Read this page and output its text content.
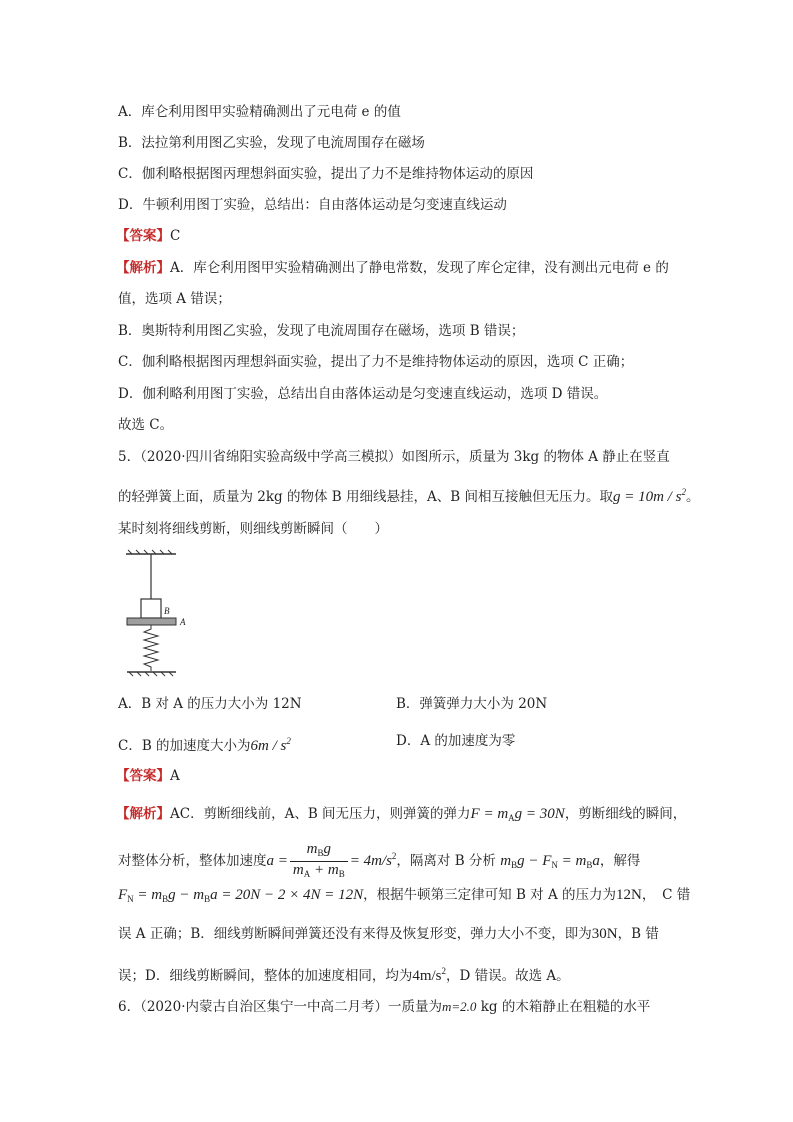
A．库仑利用图甲实验精确测出了元电荷 e 的值
B．法拉第利用图乙实验，发现了电流周围存在磁场
C．伽利略根据图丙理想斜面实验，提出了力不是维持物体运动的原因
D．牛顿利用图丁实验，总结出：自由落体运动是匀变速直线运动
【答案】C
【解析】A．库仑利用图甲实验精确测出了静电常数，发现了库仑定律，没有测出元电荷 e 的
值，选项 A 错误；
B．奥斯特利用图乙实验，发现了电流周围存在磁场，选项 B 错误；
C．伽利略根据图丙理想斜面实验，提出了力不是维持物体运动的原因，选项 C 正确；
D．伽利略利用图丁实验，总结出自由落体运动是匀变速直线运动，选项 D 错误。
故选 C。
5．（2020·四川省绵阳实验高级中学高三模拟）如图所示，质量为 3kg 的物体 A 静止在竖直
的轻弹簧上面，质量为 2kg 的物体 B 用细线悬挂，A、B 间相互接触但无压力。取$g = 10m / s^2$。
某时刻将细线剪断，则细线剪断瞬间（　　）
B
A
A．B 对 A 的压力大小为 12N	B．弹簧弹力大小为 20N
C．B 的加速度大小为$6m / s^2$	D．A 的加速度为零
【答案】A
【解析】AC．剪断细线前，A、B 间无压力，则弹簧的弹力$F = m_Ag = 30N$，剪断细线的瞬间，
对整体分析，整体加速度$a = \frac{m_Bg}{m_A + m_B} = 4m/s^2$，隔离对 B 分析 $m_Bg - F_N = m_Ba$，解得
$F_N = m_Bg - m_Ba = 20N - 2 \times 4N = 12N$，根据牛顿第三定律可知 B 对 A 的压力为12N，　C 错
误 A 正确；B．细线剪断瞬间弹簧还没有来得及恢复形变，弹力大小不变，即为30N，B 错
误；D．细线剪断瞬间，整体的加速度相同，均为$4m/s^2$，D 错误。故选 A。
6．（2020·内蒙古自治区集宁一中高二月考）一质量为m=2.0 kg 的木箱静止在粗糙的水平
